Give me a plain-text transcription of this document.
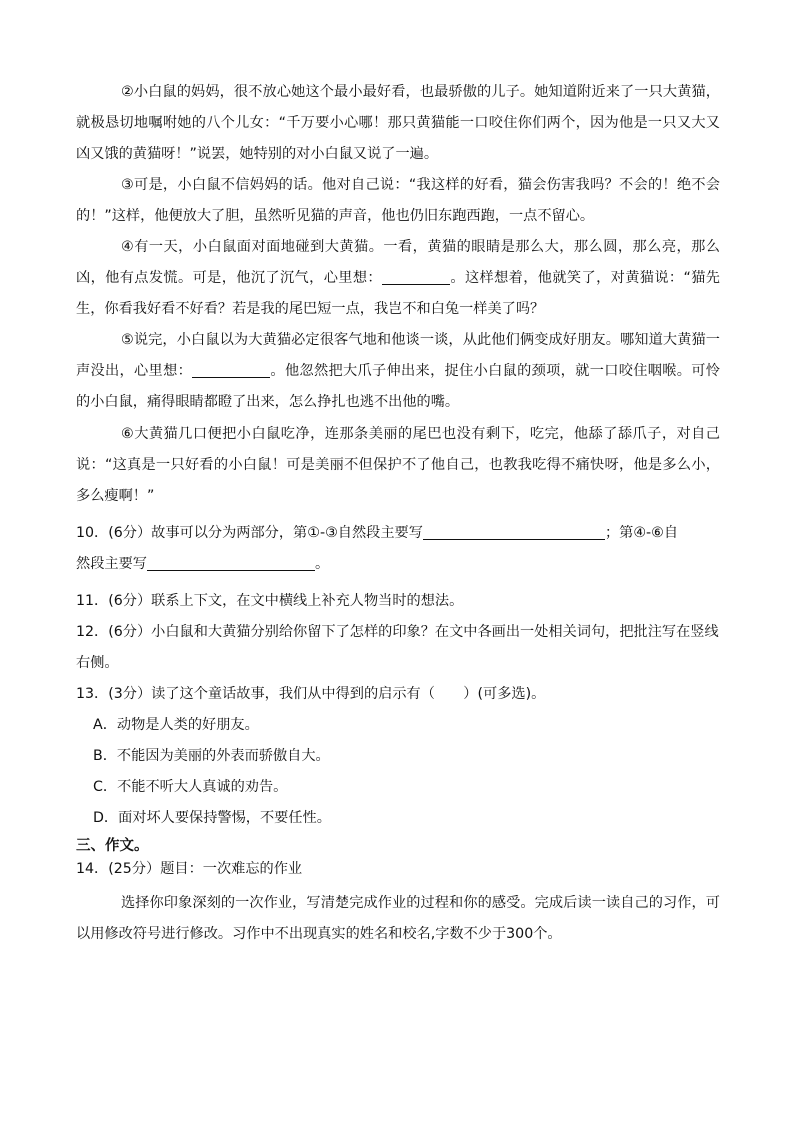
②小白鼠的妈妈，很不放心她这个最小最好看，也最骄傲的儿子。她知道附近来了一只大黄猫，就极恳切地嘱咐她的八个儿女：“千万要小心哪！那只黄猫能一口咬住你们两个，因为他是一只又大又凶又饿的黄猫呀！”说罢，她特别的对小白鼠又说了一遍。
③可是，小白鼠不信妈妈的话。他对自己说：“我这样的好看，猫会伤害我吗？不会的！绝不会的！”这样，他便放大了胆，虽然听见猫的声音，他也仍旧东跑西跑，一点不留心。
④有一天，小白鼠面对面地碰到大黄猫。一看，黄猫的眼睛是那么大，那么圆，那么亮，那么凶，他有点发慌。可是，他沉了沉气，心里想：	。这样想着，他就笑了，对黄猫说：“猫先生，你看我好看不好看？若是我的尾巴短一点，我岂不和白兔一样美了吗？
⑤说完，小白鼠以为大黄猫必定很客气地和他谈一谈，从此他们俩变成好朋友。哪知道大黄猫一声没出，心里想：	。他忽然把大爪子伸出来，捉住小白鼠的颈项，就一口咬住咽喉。可怜的小白鼠，痛得眼睛都瞪了出来，怎么挣扎也逃不出他的嘴。
⑥大黄猫几口便把小白鼠吃净，连那条美丽的尾巴也没有剩下，吃完，他舔了舔爪子，对自己说：“这真是一只好看的小白鼠！可是美丽不但保护不了他自己，也教我吃得不痛快呀，他是多么小，多么瘦啊！”
10．(6分）故事可以分为两部分，第①-③自然段主要写	；第④-⑥自
然段主要写	。
11．(6分）联系上下文，在文中横线上补充人物当时的想法。
12．(6分）小白鼠和大黄猫分别给你留下了怎样的印象？在文中各画出一处相关词句，把批注写在竖线右侧。
13．(3分）读了这个童话故事，我们从中得到的启示有（　　）(可多选)。
A．动物是人类的好朋友。
B．不能因为美丽的外表而骄傲自大。
C．不能不听大人真诚的劝告。
D．面对坏人要保持警惕，不要任性。
三、作文。
14．(25分）题目：一次难忘的作业
选择你印象深刻的一次作业，写清楚完成作业的过程和你的感受。完成后读一读自己的习作，可以用修改符号进行修改。习作中不出现真实的姓名和校名,字数不少于300个。
